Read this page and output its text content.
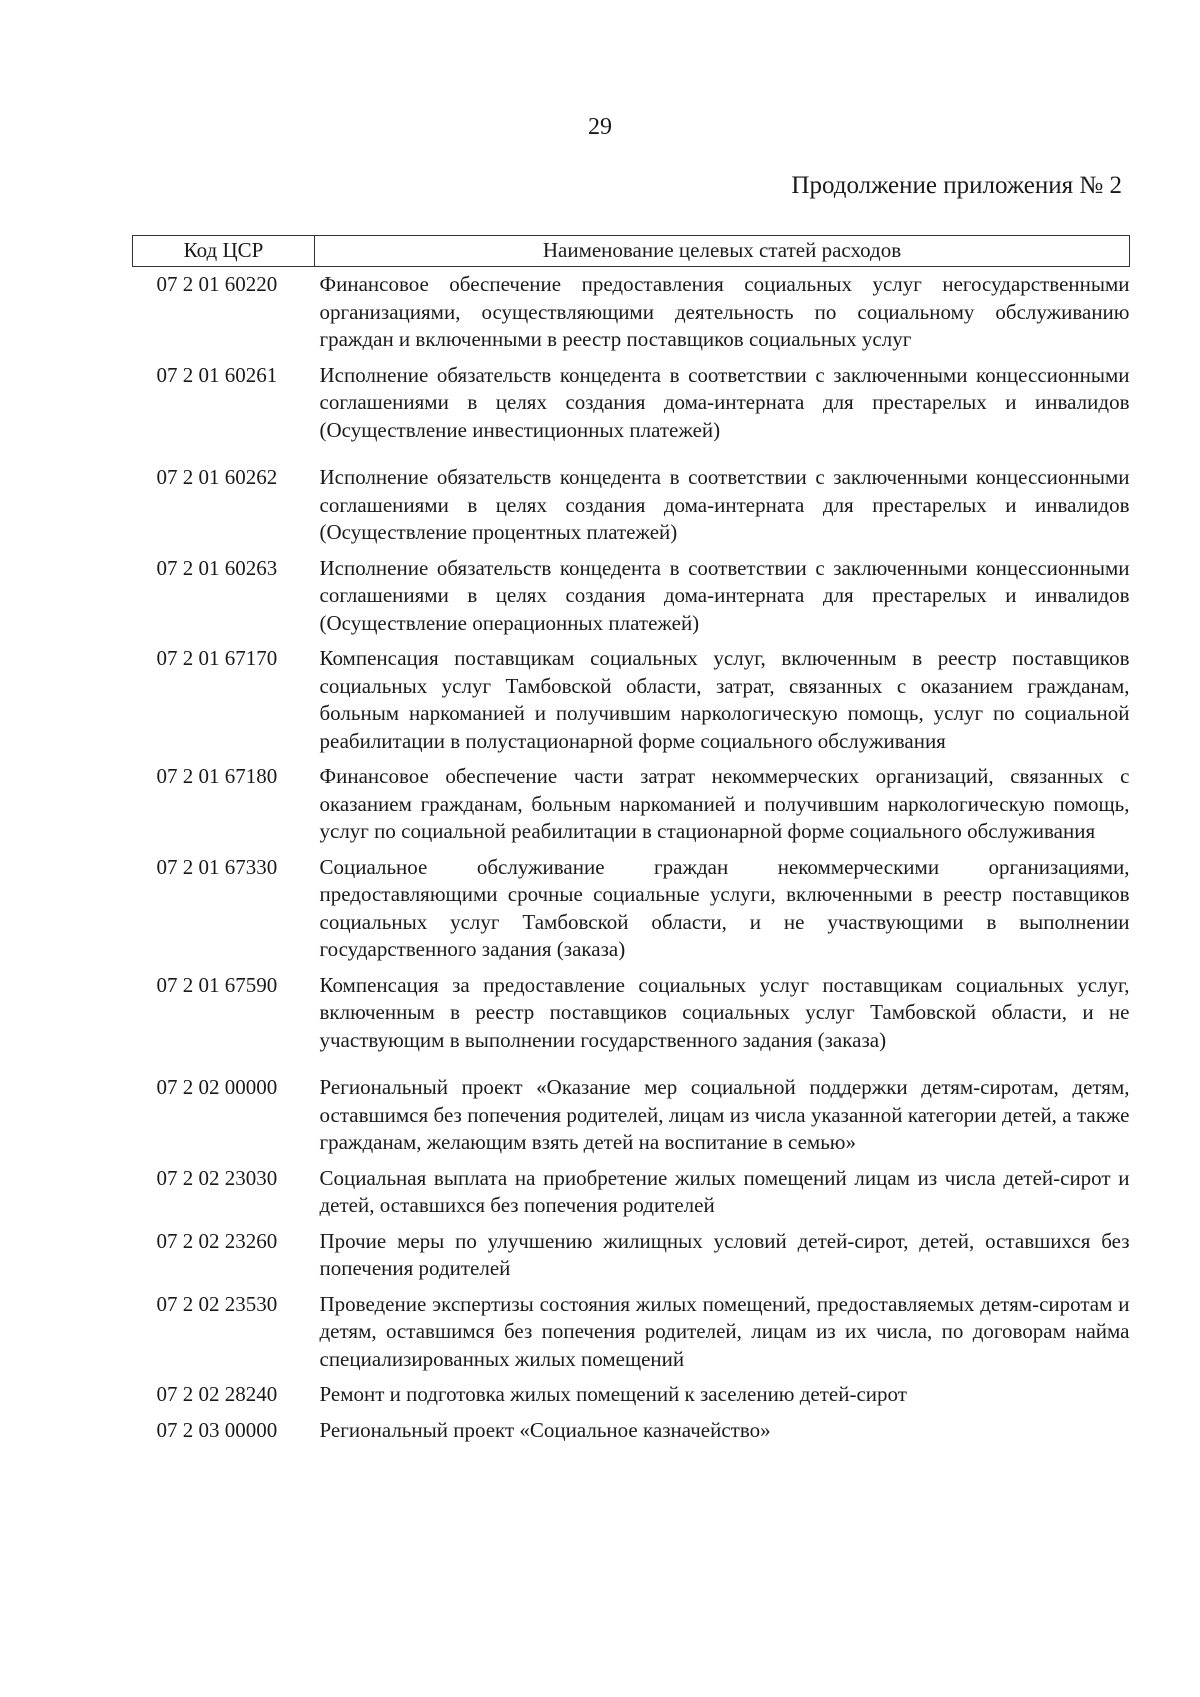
29
Продолжение приложения № 2
Код ЦСР	Наименование целевых статей расходов
07 2 01 60220	Финансовое обеспечение предоставления социальных услуг негосударственными организациями, осуществляющими деятельность по социальному обслуживанию граждан и включенными в реестр поставщиков социальных услуг
07 2 01 60261	Исполнение обязательств концедента в соответствии с заключенными концессионными соглашениями в целях создания дома-интерната для престарелых и инвалидов (Осуществление инвестиционных платежей)
07 2 01 60262	Исполнение обязательств концедента в соответствии с заключенными концессионными соглашениями в целях создания дома-интерната для престарелых и инвалидов (Осуществление процентных платежей)
07 2 01 60263	Исполнение обязательств концедента в соответствии с заключенными концессионными соглашениями в целях создания дома-интерната для престарелых и инвалидов (Осуществление операционных платежей)
07 2 01 67170	Компенсация поставщикам социальных услуг, включенным в реестр поставщиков социальных услуг Тамбовской области, затрат, связанных с оказанием гражданам, больным наркоманией и получившим наркологическую помощь, услуг по социальной реабилитации в полустационарной форме социального обслуживания
07 2 01 67180	Финансовое обеспечение части затрат некоммерческих организаций, связанных с оказанием гражданам, больным наркоманией и получившим наркологическую помощь, услуг по социальной реабилитации в стационарной форме социального обслуживания
07 2 01 67330	Социальное обслуживание граждан некоммерческими организациями, предоставляющими срочные социальные услуги, включенными в реестр поставщиков социальных услуг Тамбовской области, и не участвующими в выполнении государственного задания (заказа)
07 2 01 67590	Компенсация за предоставление социальных услуг поставщикам социальных услуг, включенным в реестр поставщиков социальных услуг Тамбовской области, и не участвующим в выполнении государственного задания (заказа)
07 2 02 00000	Региональный проект «Оказание мер социальной поддержки детям-сиротам, детям, оставшимся без попечения родителей, лицам из числа указанной категории детей, а также гражданам, желающим взять детей на воспитание в семью»
07 2 02 23030	Социальная выплата на приобретение жилых помещений лицам из числа детей-сирот и детей, оставшихся без попечения родителей
07 2 02 23260	Прочие меры по улучшению жилищных условий детей-сирот, детей, оставшихся без попечения родителей
07 2 02 23530	Проведение экспертизы состояния жилых помещений, предоставляемых детям-сиротам и детям, оставшимся без попечения родителей, лицам из их числа, по договорам найма специализированных жилых помещений
07 2 02 28240	Ремонт и подготовка жилых помещений к заселению детей-сирот
07 2 03 00000	Региональный проект «Социальное казначейство»
